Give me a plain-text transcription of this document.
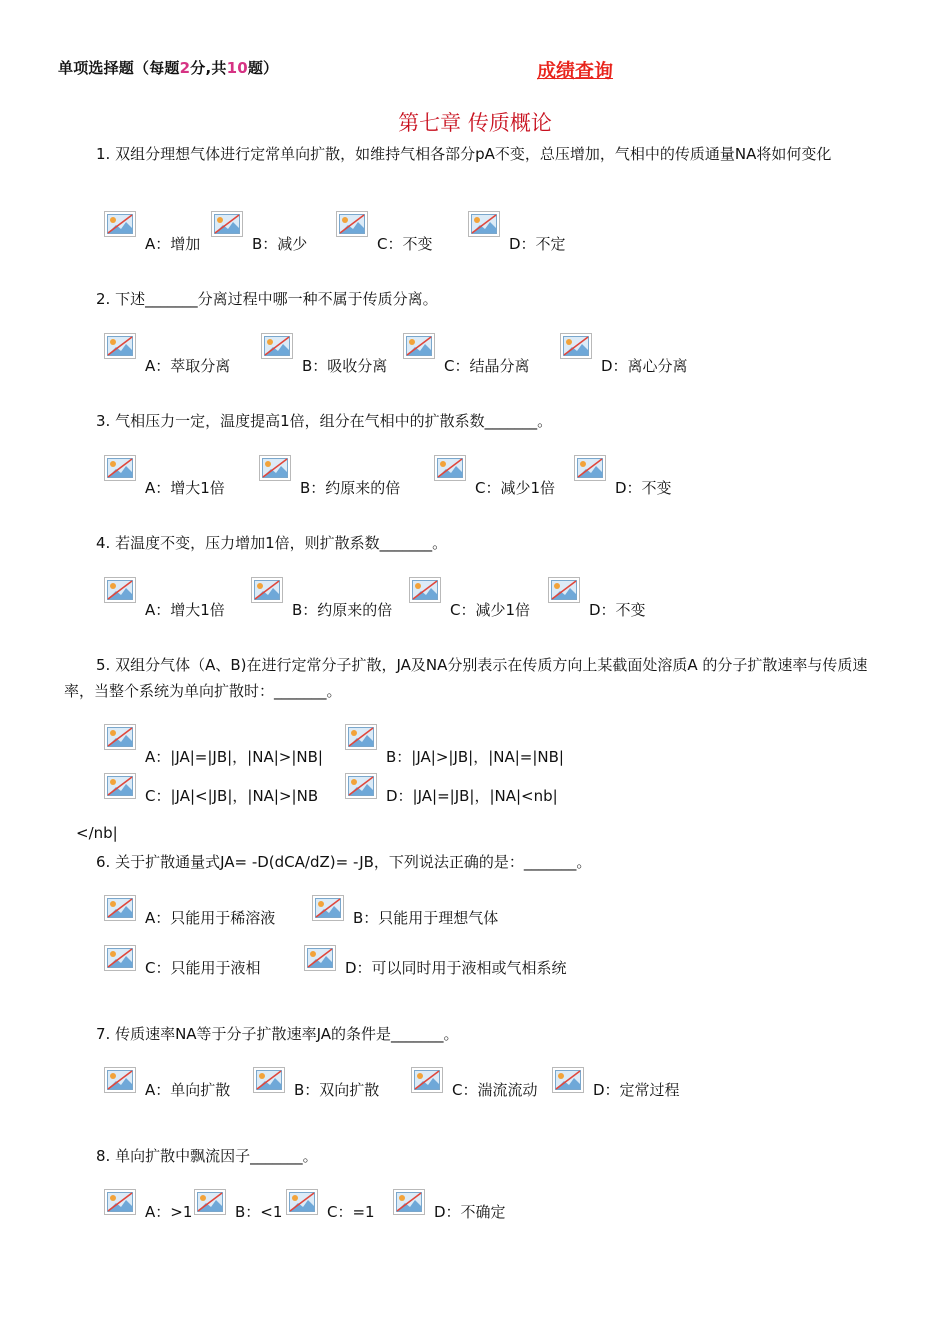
单项选择题（每题2分,共10题）	成绩查询
第七章 传质概论
1. 双组分理想气体进行定常单向扩散，如维持气相各部分pA不变，总压增加，气相中的传质通量NA将如何变化
2. 下述_______分离过程中哪一种不属于传质分离。
3. 气相压力一定，温度提高1倍，组分在气相中的扩散系数_______。
4. 若温度不变，压力增加1倍，则扩散系数_______。
5. 双组分气体（A、B)在进行定常分子扩散，JA及NA分别表示在传质方向上某截面处溶质A 的分子扩散速率与传质速率，当整个系统为单向扩散时：_______。
6. 关于扩散通量式JA= -D(dCA/dZ)= -JB，下列说法正确的是：_______。
7. 传质速率NA等于分子扩散速率JA的条件是_______。
8. 单向扩散中飘流因子_______。
</nb|
A：增加	B：减少	C：不变	D：不定
A：萃取分离	B：吸收分离	C：结晶分离	D：离心分离
A：增大1倍	B：约原来的倍	C：减少1倍	D：不变
A：增大1倍	B：约原来的倍	C：减少1倍	D：不变
A：|JA|=|JB|，|NA|>|NB|	B：|JA|>|JB|，|NA|=|NB|
C：|JA|<|JB|，|NA|>|NB	D：|JA|=|JB|，|NA|<nb|
A：只能用于稀溶液	B：只能用于理想气体
C：只能用于液相	D：可以同时用于液相或气相系统
A：单向扩散	B：双向扩散	C：湍流流动	D：定常过程
A：>1	B：<1	C：=1	D：不确定
